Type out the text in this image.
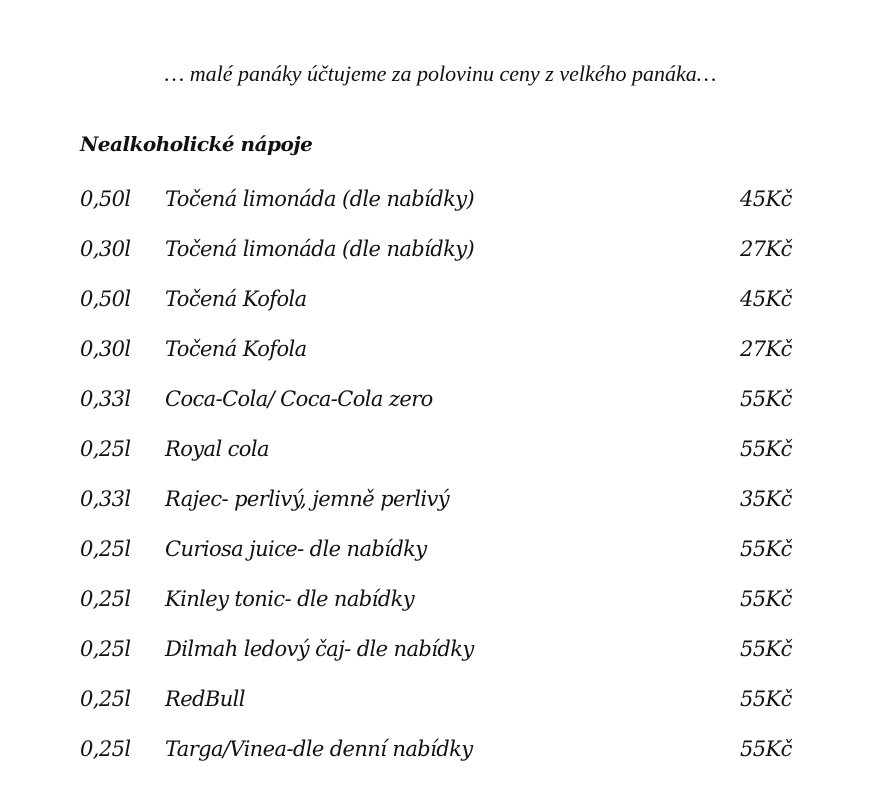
… malé panáky účtujeme za polovinu ceny z velkého panáka…
Nealkoholické nápoje
0,50l Točená limonáda (dle nabídky)	45Kč
0,30l Točená limonáda (dle nabídky)	27Kč
0,50l Točená Kofola	45Kč
0,30l Točená Kofola	27Kč
0,33l Coca-Cola/ Coca-Cola zero	55Kč
0,25l Royal cola	55Kč
0,33l Rajec- perlivý, jemně perlivý	35Kč
0,25l Curiosa juice- dle nabídky	55Kč
0,25l Kinley tonic- dle nabídky	55Kč
0,25l Dilmah ledový čaj- dle nabídky	55Kč
0,25l RedBull	55Kč
0,25l Targa/Vinea-dle denní nabídky	55Kč
